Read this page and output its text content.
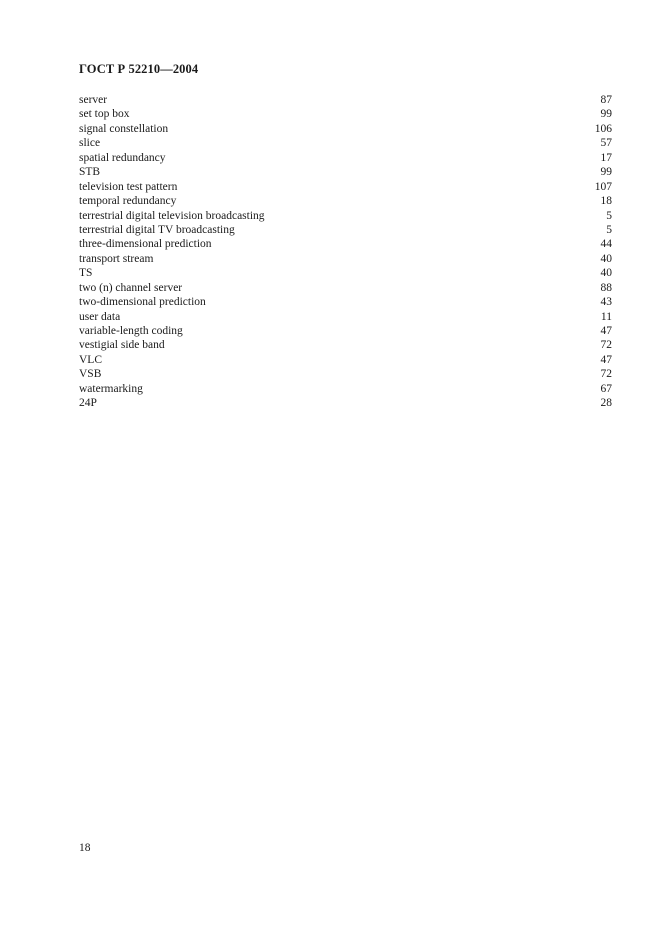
ГОСТ Р 52210—2004
server	87
set top box	99
signal constellation	106
slice	57
spatial redundancy	17
STB	99
television test pattern	107
temporal redundancy	18
terrestrial digital television broadcasting	5
terrestrial digital TV broadcasting	5
three-dimensional prediction	44
transport stream	40
TS	40
two (n) channel server	88
two-dimensional prediction	43
user data	11
variable-length coding	47
vestigial side band	72
VLC	47
VSB	72
watermarking	67
24P	28
18
